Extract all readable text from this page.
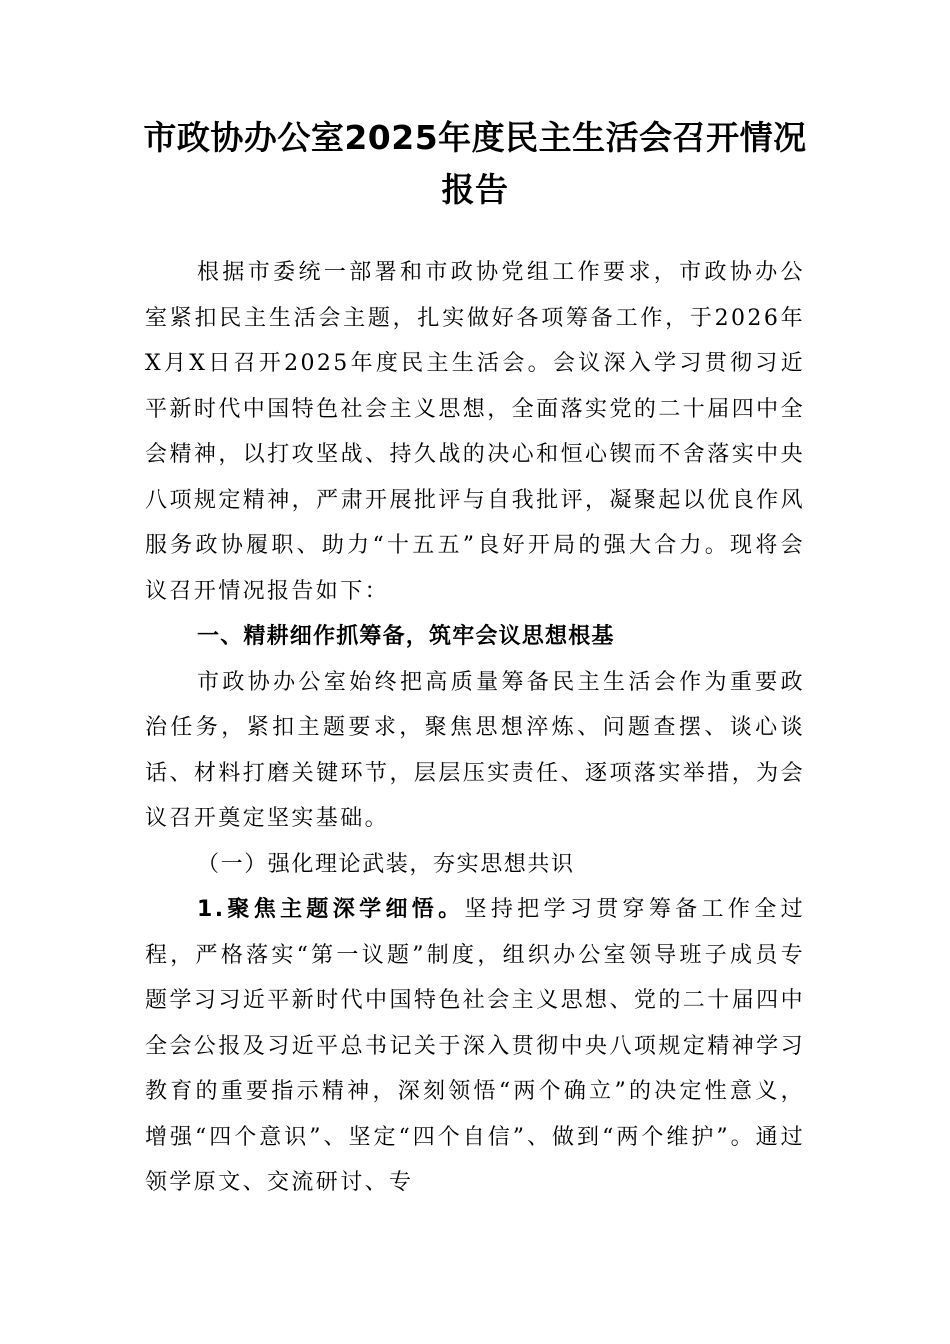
市政协办公室2025年度民主生活会召开情况报告

根据市委统一部署和市政协党组工作要求，市政协办公室紧扣民主生活会主题，扎实做好各项筹备工作，于2026年X月X日召开2025年度民主生活会。会议深入学习贯彻习近平新时代中国特色社会主义思想，全面落实党的二十届四中全会精神，以打攻坚战、持久战的决心和恒心锲而不舍落实中央八项规定精神，严肃开展批评与自我批评，凝聚起以优良作风服务政协履职、助力“十五五”良好开局的强大合力。现将会议召开情况报告如下：

一、精耕细作抓筹备，筑牢会议思想根基

市政协办公室始终把高质量筹备民主生活会作为重要政治任务，紧扣主题要求，聚焦思想淬炼、问题查摆、谈心谈话、材料打磨关键环节，层层压实责任、逐项落实举措，为会议召开奠定坚实基础。

（一）强化理论武装，夯实思想共识

1.聚焦主题深学细悟。坚持把学习贯穿筹备工作全过程，严格落实“第一议题”制度，组织办公室领导班子成员专题学习习近平新时代中国特色社会主义思想、党的二十届四中全会公报及习近平总书记关于深入贯彻中央八项规定精神学习教育的重要指示精神，深刻领悟“两个确立”的决定性意义，增强“四个意识”、坚定“四个自信”、做到“两个维护”。通过领学原文、交流研讨、专
